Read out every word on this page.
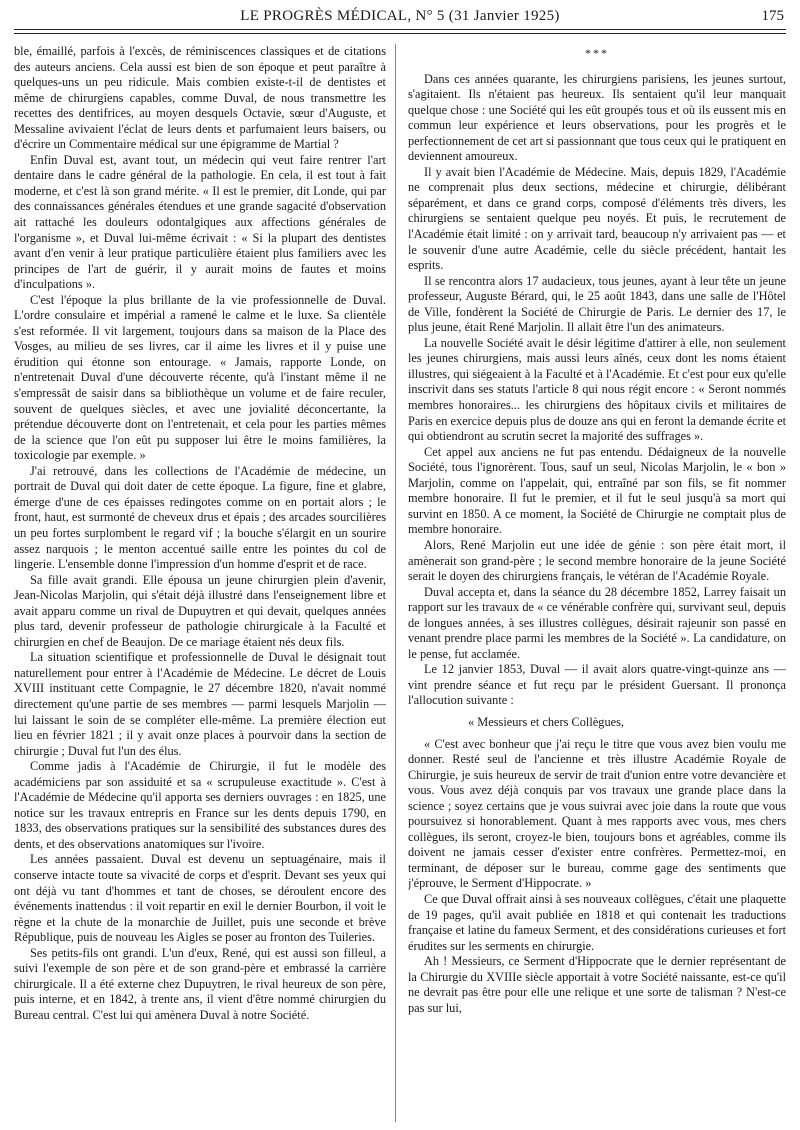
LE PROGRÈS MÉDICAL, N° 5 (31 Janvier 1925)	175

ble, émaillé, parfois à l'excès, de réminiscences classiques et de citations des auteurs anciens. Cela aussi est bien de son époque et peut paraître à quelques-uns un peu ridicule. Mais combien existe-t-il de dentistes et même de chirurgiens capables, comme Duval, de nous transmettre les recettes des dentifrices, au moyen desquels Octavie, sœur d'Auguste, et Messaline avivaient l'éclat de leurs dents et parfumaient leurs baisers, ou d'écrire un Commentaire médical sur une épigramme de Martial ?

Enfin Duval est, avant tout, un médecin qui veut faire rentrer l'art dentaire dans le cadre général de la pathologie. En cela, il est tout à fait moderne, et c'est là son grand mérite. « Il est le premier, dit Londe, qui par des connaissances générales étendues et une grande sagacité d'observation ait rattaché les douleurs odontalgiques aux affections générales de l'organisme », et Duval lui-même écrivait : « Si la plupart des dentistes avant d'en venir à leur pratique particulière étaient plus familiers avec les principes de l'art de guérir, il y aurait moins de fautes et moins d'inculpations ».

C'est l'époque la plus brillante de la vie professionnelle de Duval. L'ordre consulaire et impérial a ramené le calme et le luxe. Sa clientèle s'est reformée. Il vit largement, toujours dans sa maison de la Place des Vosges, au milieu de ses livres, car il aime les livres et il y puise une érudition qui étonne son entourage. « Jamais, rapporte Londe, on n'entretenait Duval d'une découverte récente, qu'à l'instant même il ne s'empressât de saisir dans sa bibliothèque un volume et de faire reculer, souvent de quelques siècles, et avec une jovialité déconcertante, la prétendue découverte dont on l'entretenait, et cela pour les parties mêmes de la science que l'on eût pu supposer lui être le moins familières, la toxicologie par exemple. »

J'ai retrouvé, dans les collections de l'Académie de médecine, un portrait de Duval qui doit dater de cette époque. La figure, fine et glabre, émerge d'une de ces épaisses redingotes comme on en portait alors ; le front, haut, est surmonté de cheveux drus et épais ; des arcades sourcilières un peu fortes surplombent le regard vif ; la bouche s'élargit en un sourire assez narquois ; le menton accentué saille entre les pointes du col de lingerie. L'ensemble donne l'impression d'un homme d'esprit et de race.

Sa fille avait grandi. Elle épousa un jeune chirurgien plein d'avenir, Jean-Nicolas Marjolin, qui s'était déjà illustré dans l'enseignement libre et avait apparu comme un rival de Dupuytren et qui devait, quelques années plus tard, devenir professeur de pathologie chirurgicale à la Faculté et chirurgien en chef de Beaujon. De ce mariage étaient nés deux fils.

La situation scientifique et professionnelle de Duval le désignait tout naturellement pour entrer à l'Académie de Médecine. Le décret de Louis XVIII instituant cette Compagnie, le 27 décembre 1820, n'avait nommé directement qu'une partie de ses membres — parmi lesquels Marjolin — lui laissant le soin de se compléter elle-même. La première élection eut lieu en février 1821 ; il y avait onze places à pourvoir dans la section de chirurgie ; Duval fut l'un des élus.

Comme jadis à l'Académie de Chirurgie, il fut le modèle des académiciens par son assiduité et sa « scrupuleuse exactitude ». C'est à l'Académie de Médecine qu'il apporta ses derniers ouvrages : en 1825, une notice sur les travaux entrepris en France sur les dents depuis 1790, en 1833, des observations pratiques sur la sensibilité des substances dures des dents, et des observations anatomiques sur l'ivoire.

Les années passaient. Duval est devenu un septuagénaire, mais il conserve intacte toute sa vivacité de corps et d'esprit. Devant ses yeux qui ont déjà vu tant d'hommes et tant de choses, se déroulent encore des événements inattendus : il voit repartir en exil le dernier Bourbon, il voit le règne et la chute de la monarchie de Juillet, puis une seconde et brève République, puis de nouveau les Aigles se poser au fronton des Tuileries.

Ses petits-fils ont grandi. L'un d'eux, René, qui est aussi son filleul, a suivi l'exemple de son père et de son grand-père et embrassé la carrière chirurgicale. Il a été externe chez Dupuytren, le rival heureux de son père, puis interne, et en 1842, à trente ans, il vient d'être nommé chirurgien du Bureau central. C'est lui qui amènera Duval à notre Société.

***

Dans ces années quarante, les chirurgiens parisiens, les jeunes surtout, s'agitaient. Ils n'étaient pas heureux. Ils sentaient qu'il leur manquait quelque chose : une Société qui les eût groupés tous et où ils eussent mis en commun leur expérience et leurs observations, pour les progrès et le perfectionnement de cet art si passionnant que tous ceux qui le pratiquent en deviennent amoureux.

Il y avait bien l'Académie de Médecine. Mais, depuis 1829, l'Académie ne comprenait plus deux sections, médecine et chirurgie, délibérant séparément, et dans ce grand corps, composé d'éléments très divers, les chirurgiens se sentaient quelque peu noyés. Et puis, le recrutement de l'Académie était limité : on y arrivait tard, beaucoup n'y arrivaient pas — et le souvenir d'une autre Académie, celle du siècle précédent, hantait les esprits.

Il se rencontra alors 17 audacieux, tous jeunes, ayant à leur tête un jeune professeur, Auguste Bérard, qui, le 25 août 1843, dans une salle de l'Hôtel de Ville, fondèrent la Société de Chirurgie de Paris. Le dernier des 17, le plus jeune, était René Marjolin. Il allait être l'un des animateurs.

La nouvelle Société avait le désir légitime d'attirer à elle, non seulement les jeunes chirurgiens, mais aussi leurs aînés, ceux dont les noms étaient illustres, qui siégeaient à la Faculté et à l'Académie. Et c'est pour eux qu'elle inscrivit dans ses statuts l'article 8 qui nous régit encore : « Seront nommés membres honoraires... les chirurgiens des hôpitaux civils et militaires de Paris en exercice depuis plus de douze ans qui en feront la demande écrite et qui obtiendront au scrutin secret la majorité des suffrages ».

Cet appel aux anciens ne fut pas entendu. Dédaigneux de la nouvelle Société, tous l'ignorèrent. Tous, sauf un seul, Nicolas Marjolin, le « bon » Marjolin, comme on l'appelait, qui, entraîné par son fils, se fit nommer membre honoraire. Il fut le premier, et il fut le seul jusqu'à sa mort qui survint en 1850. A ce moment, la Société de Chirurgie ne comptait plus de membre honoraire.

Alors, René Marjolin eut une idée de génie : son père était mort, il amènerait son grand-père ; le second membre honoraire de la jeune Société serait le doyen des chirurgiens français, le vétéran de l'Académie Royale.

Duval accepta et, dans la séance du 28 décembre 1852, Larrey faisait un rapport sur les travaux de « ce vénérable confrère qui, survivant seul, depuis de longues années, à ses illustres collègues, désirait rajeunir son passé en venant prendre place parmi les membres de la Société ». La candidature, on le pense, fut acclamée.

Le 12 janvier 1853, Duval — il avait alors quatre-vingt-quinze ans — vint prendre séance et fut reçu par le président Guersant. Il prononça l'allocution suivante :

« Messieurs et chers Collègues,

« C'est avec bonheur que j'ai reçu le titre que vous avez bien voulu me donner. Resté seul de l'ancienne et très illustre Académie Royale de Chirurgie, je suis heureux de servir de trait d'union entre votre devancière et vous. Vous avez déjà conquis par vos travaux une grande place dans la science ; soyez certains que je vous suivrai avec joie dans la route que vous poursuivez si honorablement. Quant à mes rapports avec vous, mes chers collègues, ils seront, croyez-le bien, toujours bons et agréables, comme ils doivent ne jamais cesser d'exister entre confrères. Permettez-moi, en terminant, de déposer sur le bureau, comme gage des sentiments que j'éprouve, le Serment d'Hippocrate. »

Ce que Duval offrait ainsi à ses nouveaux collègues, c'était une plaquette de 19 pages, qu'il avait publiée en 1818 et qui contenait les traductions française et latine du fameux Serment, et des considérations curieuses et fort érudites sur les serments en chirurgie.

Ah ! Messieurs, ce Serment d'Hippocrate que le dernier représentant de la Chirurgie du XVIIIe siècle apportait à votre Société naissante, est-ce qu'il ne devrait pas être pour elle une relique et une sorte de talisman ? N'est-ce pas sur lui,
